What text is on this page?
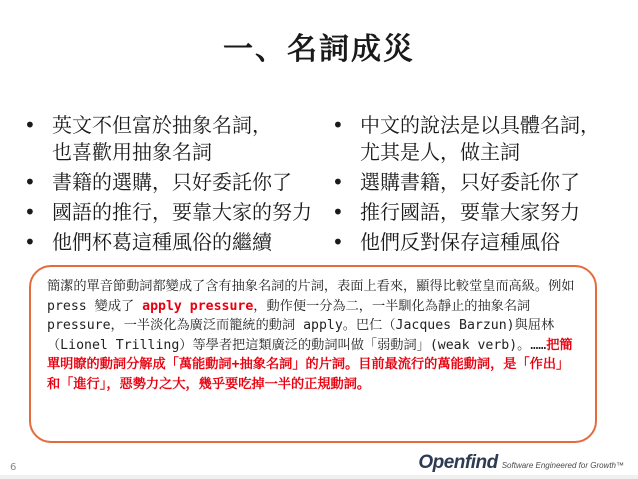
一、名詞成災
• 英文不但富於抽象名詞，
也喜歡用抽象名詞
• 書籍的選購，只好委託你了
• 國語的推行，要靠大家的努力
• 他們杯葛這種風俗的繼續
• 中文的說法是以具體名詞，
尤其是人，做主詞
• 選購書籍，只好委託你了
• 推行國語，要靠大家努力
• 他們反對保存這種風俗
簡潔的單音節動詞都變成了含有抽象名詞的片詞，表面上看來，顯得比較堂皇而高級。例如 press 變成了 apply pressure，動作便一分為二，一半馴化為靜止的抽象名詞 pressure，一半淡化為廣泛而籠統的動詞 apply。巴仁（Jacques Barzun)與屈林（Lionel Trilling）等學者把這類廣泛的動詞叫做「弱動詞」(weak verb)。……把簡單明瞭的動詞分解成「萬能動詞+抽象名詞」的片詞。目前最流行的萬能動詞，是「作出」和「進行」，惡勢力之大，幾乎要吃掉一半的正規動詞。
6	Openfind Software Engineered for Growth™
